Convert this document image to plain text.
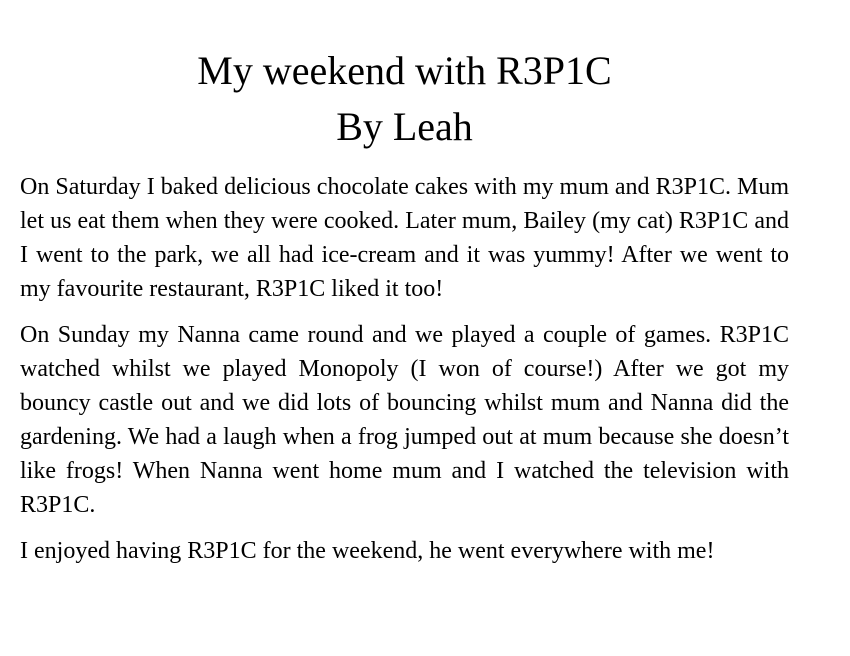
My weekend with R3P1C
By Leah

On Saturday I baked delicious chocolate cakes with my mum and R3P1C. Mum let us eat them when they were cooked. Later mum, Bailey (my cat) R3P1C and I went to the park, we all had ice-cream and it was yummy! After we went to my favourite restaurant, R3P1C liked it too!

On Sunday my Nanna came round and we played a couple of games. R3P1C watched whilst we played Monopoly (I won of course!) After we got my bouncy castle out and we did lots of bouncing whilst mum and Nanna did the gardening. We had a laugh when a frog jumped out at mum because she doesn’t like frogs! When Nanna went home mum and I watched the television with R3P1C.

I enjoyed having R3P1C for the weekend, he went everywhere with me!
